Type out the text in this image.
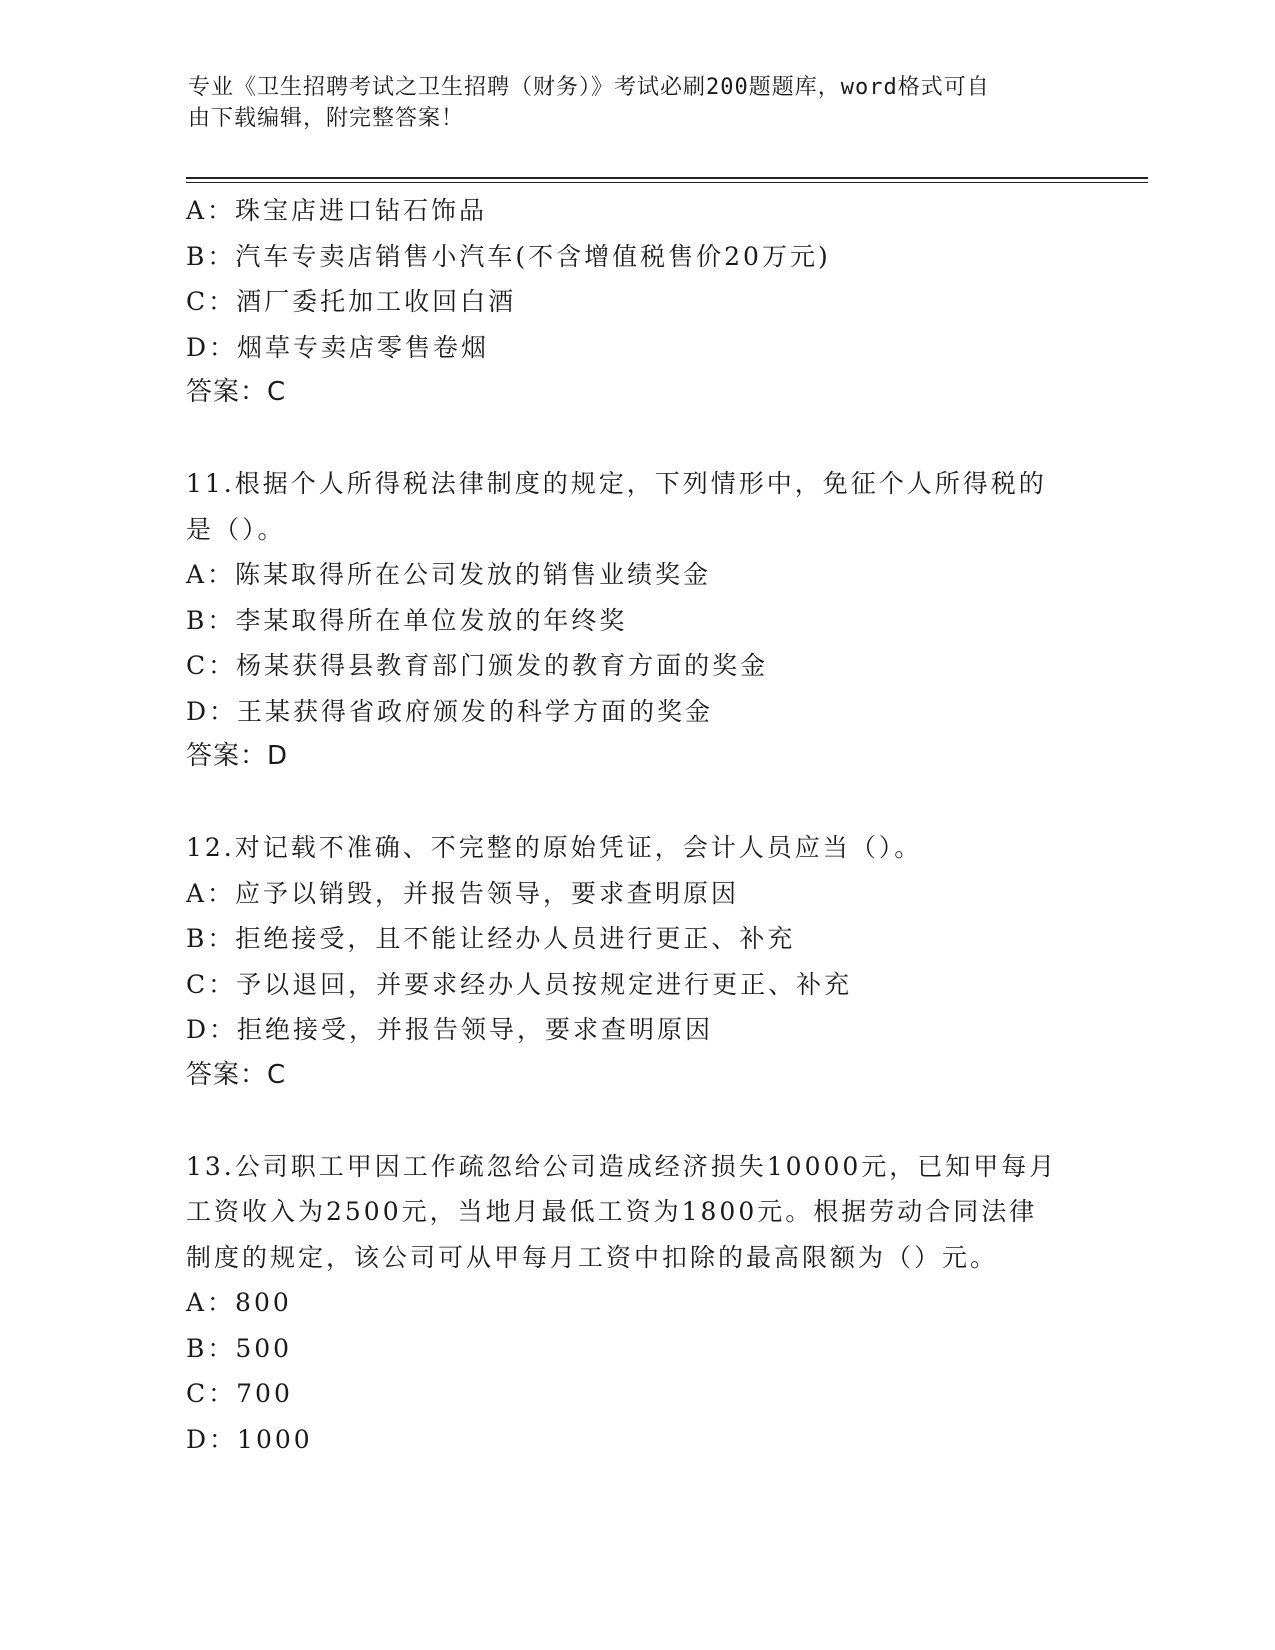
专业《卫生招聘考试之卫生招聘（财务）》考试必刷200题题库，word格式可自
由下载编辑，附完整答案！
A：珠宝店进口钻石饰品
B：汽车专卖店销售小汽车(不含增值税售价20万元)
C：酒厂委托加工收回白酒
D：烟草专卖店零售卷烟
答案：C
11.根据个人所得税法律制度的规定，下列情形中，免征个人所得税的
是（）。
A：陈某取得所在公司发放的销售业绩奖金
B：李某取得所在单位发放的年终奖
C：杨某获得县教育部门颁发的教育方面的奖金
D：王某获得省政府颁发的科学方面的奖金
答案：D
12.对记载不准确、不完整的原始凭证，会计人员应当（）。
A：应予以销毁，并报告领导，要求查明原因
B：拒绝接受，且不能让经办人员进行更正、补充
C：予以退回，并要求经办人员按规定进行更正、补充
D：拒绝接受，并报告领导，要求查明原因
答案：C
13.公司职工甲因工作疏忽给公司造成经济损失10000元，已知甲每月
工资收入为2500元，当地月最低工资为1800元。根据劳动合同法律
制度的规定，该公司可从甲每月工资中扣除的最高限额为（）元。
A：800
B：500
C：700
D：1000
